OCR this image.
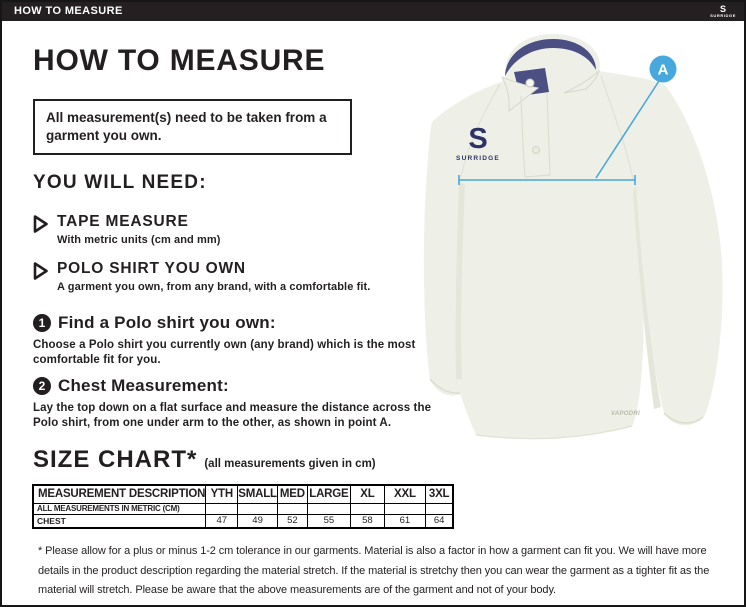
HOW TO MEASURE	S
SURRIDGE
HOW TO MEASURE
All measurement(s) need to be taken from a garment you own.
YOU WILL NEED:
TAPE MEASURE
With metric units (cm and mm)
POLO SHIRT YOU OWN
A garment you own, from any brand, with a comfortable fit.
1 Find a Polo shirt you own:
Choose a Polo shirt you currently own (any brand) which is the most comfortable fit for you.
2 Chest Measurement:
Lay the top down on a flat surface and measure the distance across the Polo shirt, from one under arm to the other, as shown in point A.
SIZE CHART* (all measurements given in cm)
MEASUREMENT DESCRIPTION	YTH	SMALL	MED	LARGE	XL	XXL	3XL
ALL MEASUREMENTS IN METRIC (CM)							
CHEST	47	49	52	55	58	61	64
* Please allow for a plus or minus 1-2 cm tolerance in our garments. Material is also a factor in how a garment can fit you. We will have more details in the product description regarding the material stretch. If the material is stretchy then you can wear the garment as a tighter fit as the material will stretch. Please be aware that the above measurements are of the garment and not of your body.
S
SURRIDGE
VAPODRI
A
